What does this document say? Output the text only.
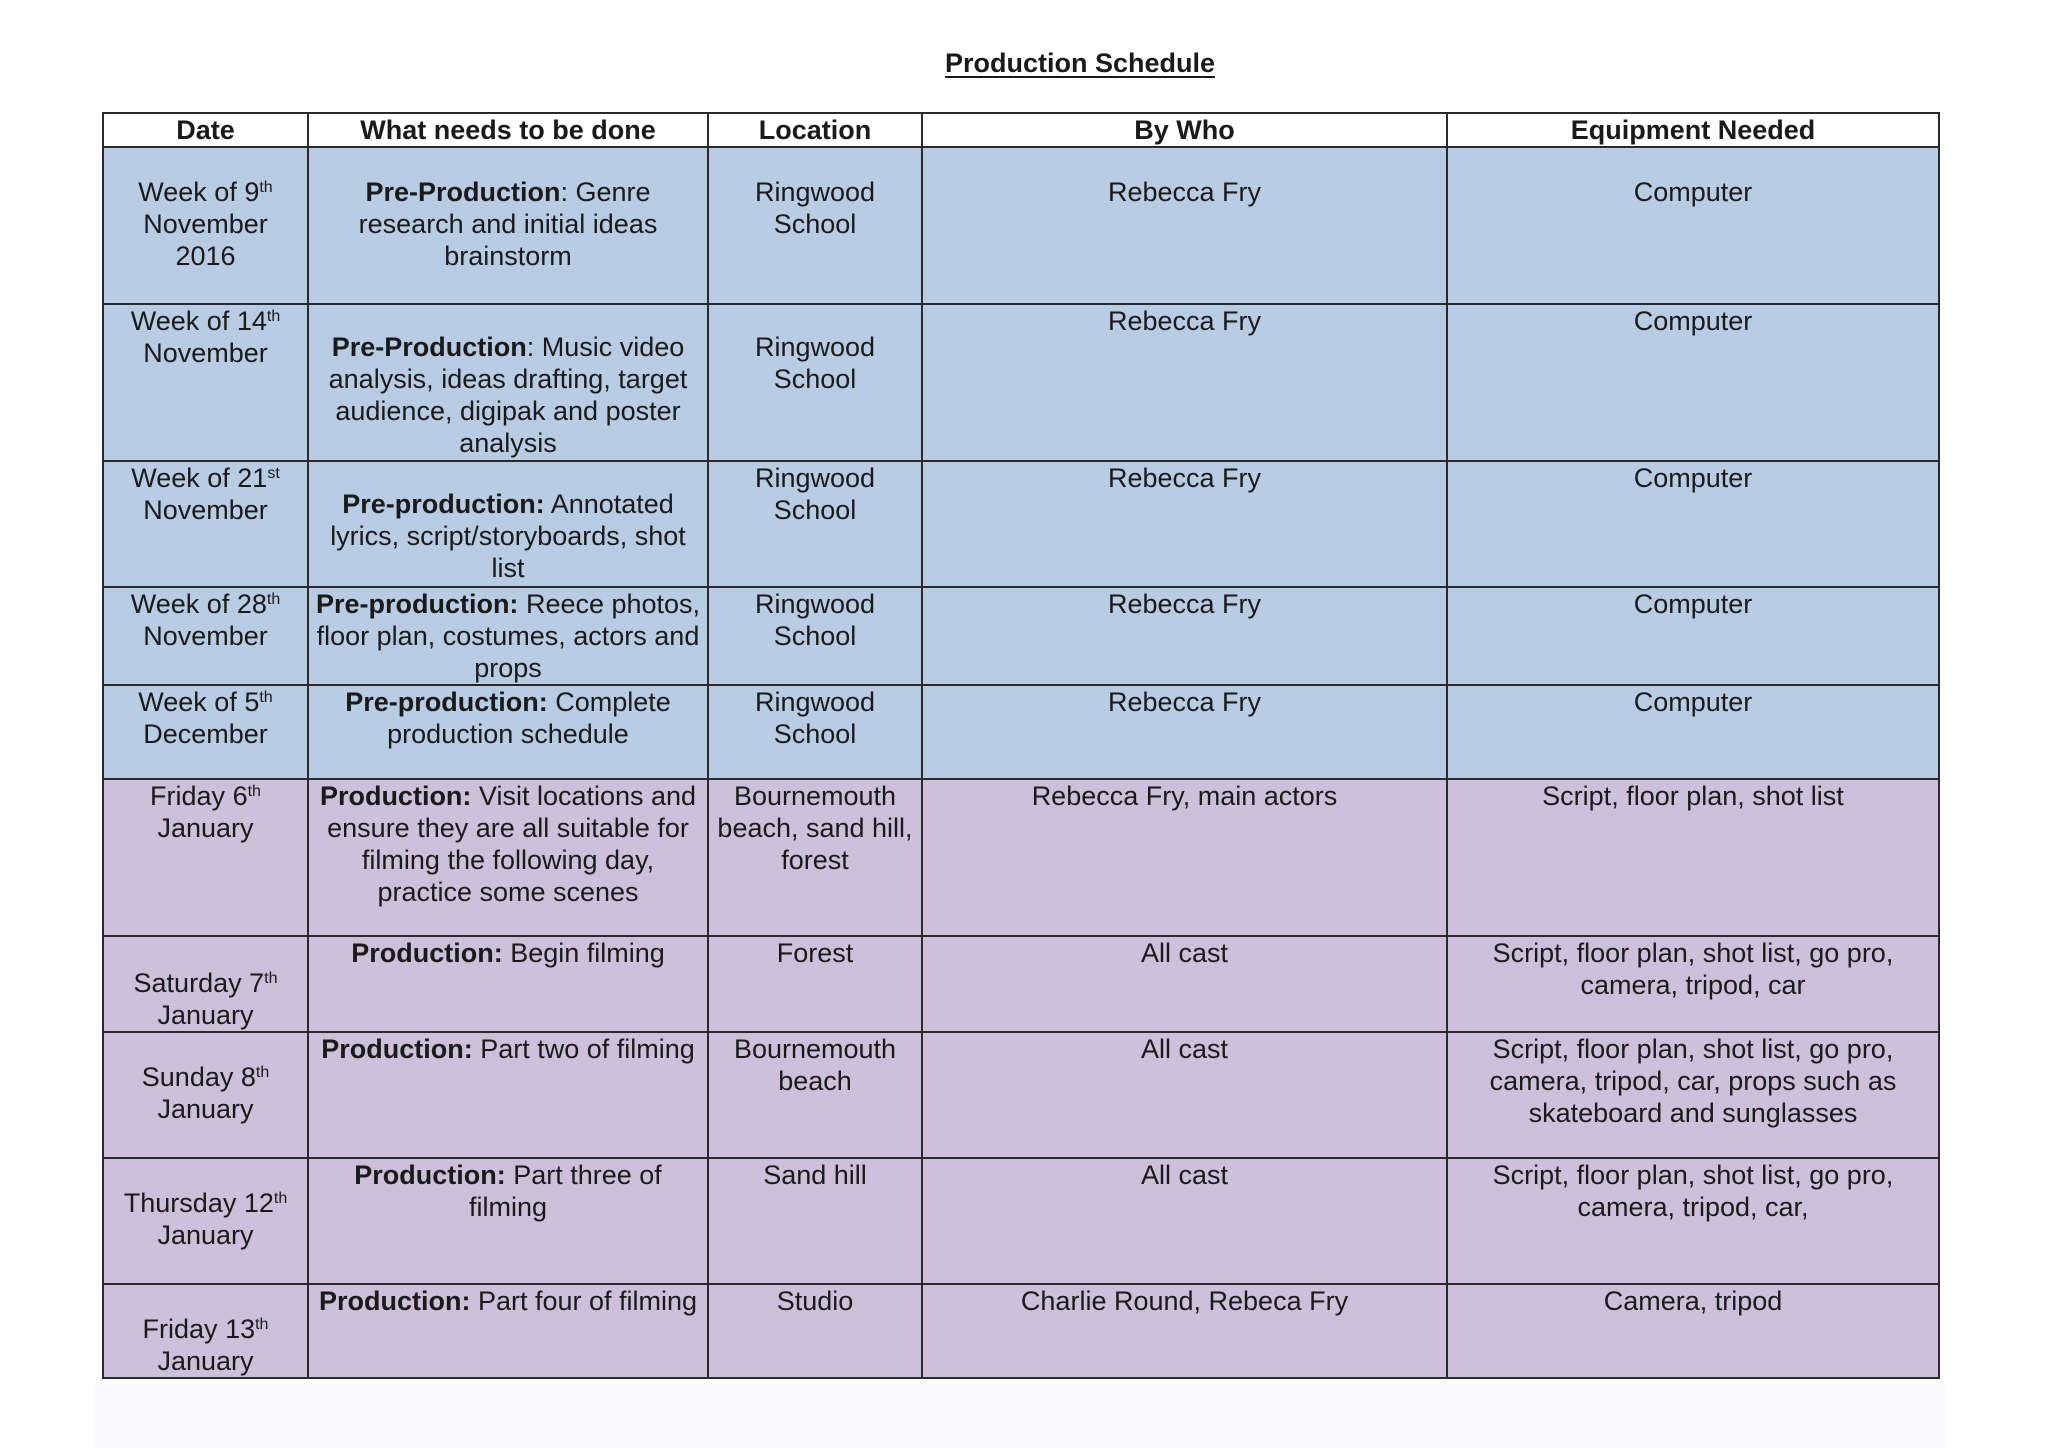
Production Schedule
Date	What needs to be done	Location	By Who	Equipment Needed
Week of 9th November 2016	Pre-Production: Genre research and initial ideas brainstorm	Ringwood School	Rebecca Fry	Computer
Week of 14th November	Pre-Production: Music video analysis, ideas drafting, target audience, digipak and poster analysis	Ringwood School	Rebecca Fry	Computer
Week of 21st November	Pre-production: Annotated lyrics, script/storyboards, shot list	Ringwood School	Rebecca Fry	Computer
Week of 28th November	Pre-production: Reece photos, floor plan, costumes, actors and props	Ringwood School	Rebecca Fry	Computer
Week of 5th December	Pre-production: Complete production schedule	Ringwood School	Rebecca Fry	Computer
Friday 6th January	Production: Visit locations and ensure they are all suitable for filming the following day, practice some scenes	Bournemouth beach, sand hill, forest	Rebecca Fry, main actors	Script, floor plan, shot list
Saturday 7th January	Production: Begin filming	Forest	All cast	Script, floor plan, shot list, go pro, camera, tripod, car
Sunday 8th January	Production: Part two of filming	Bournemouth beach	All cast	Script, floor plan, shot list, go pro, camera, tripod, car, props such as skateboard and sunglasses
Thursday 12th January	Production: Part three of filming	Sand hill	All cast	Script, floor plan, shot list, go pro, camera, tripod, car,
Friday 13th January	Production: Part four of filming	Studio	Charlie Round, Rebeca Fry	Camera, tripod
